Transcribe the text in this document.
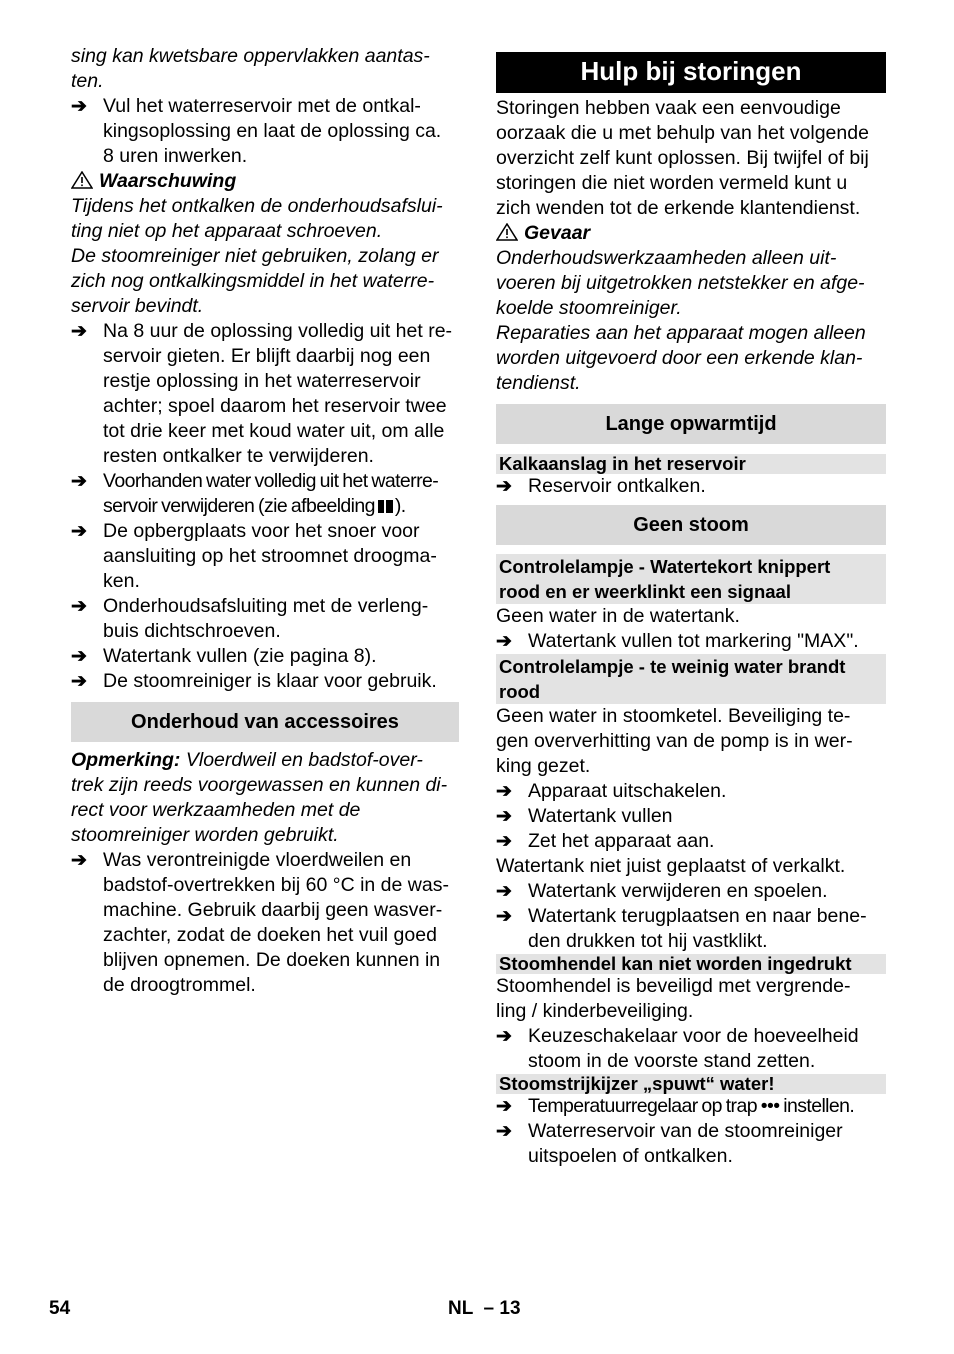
sing kan kwetsbare oppervlakken aantas-

ten.

➔ Vul het waterreservoir met de ontkal-
kingsoplossing en laat de oplossing ca.
8 uren inwerken.
Waarschuwing

Tijdens het ontkalken de onderhoudsafslui-

ting niet op het apparaat schroeven.

De stoomreiniger niet gebruiken, zolang er

zich nog ontkalkingsmiddel in het waterre-

servoir bevindt.

➔ Na 8 uur de oplossing volledig uit het re-
servoir gieten. Er blijft daarbij nog een
restje oplossing in het waterreservoir
achter; spoel daarom het reservoir twee
tot drie keer met koud water uit, om alle
resten ontkalker te verwijderen.
➔ Voorhanden water volledig uit het waterre-
servoir verwijderen (zie afbeelding ).
➔ De opbergplaats voor het snoer voor
aansluiting op het stroomnet droogma-
ken.
➔ Onderhoudsafsluiting met de verleng-
buis dichtschroeven.
➔ Watertank vullen (zie pagina 8).
➔ De stoomreiniger is klaar voor gebruik.
Onderhoud van accessoires

Opmerking: Vloerdweil en badstof-over-

trek zijn reeds voorgewassen en kunnen di-

rect voor werkzaamheden met de

stoomreiniger worden gebruikt.

➔ Was verontreinigde vloerdweilen en
badstof-overtrekken bij 60 °C in de was-
machine. Gebruik daarbij geen wasver-
zachter, zodat de doeken het vuil goed
blijven opnemen. De doeken kunnen in
de droogtrommel.
Hulp bij storingen

Storingen hebben vaak een eenvoudige

oorzaak die u met behulp van het volgende

overzicht zelf kunt oplossen. Bij twijfel of bij

storingen die niet worden vermeld kunt u

zich wenden tot de erkende klantendienst.

Gevaar

Onderhoudswerkzaamheden alleen uit-

voeren bij uitgetrokken netstekker en afge-

koelde stoomreiniger.

Reparaties aan het apparaat mogen alleen

worden uitgevoerd door een erkende klan-

tendienst.

Lange opwarmtijd
Kalkaanslag in het reservoir
➔ Reservoir ontkalken.
Geen stoom
Controlelampje - Watertekort knippert
rood en er weerklinkt een signaal

Geen water in de watertank.

➔ Watertank vullen tot markering "MAX".
Controlelampje - te weinig water brandt
rood

Geen water in stoomketel. Beveiliging te-

gen oververhitting van de pomp is in wer-

king gezet.

➔ Apparaat uitschakelen.
➔ Watertank vullen
➔ Zet het apparaat aan.

Watertank niet juist geplaatst of verkalkt.

➔ Watertank verwijderen en spoelen.
➔ Watertank terugplaatsen en naar bene-
den drukken tot hij vastklikt.
Stoomhendel kan niet worden ingedrukt

Stoomhendel is beveiligd met vergrende-

ling / kinderbeveiliging.

➔ Keuzeschakelaar voor de hoeveelheid
stoom in de voorste stand zetten.
Stoomstrijkijzer „spuwt“ water!
➔ Temperatuurregelaar op trap ••• instellen.
➔ Waterreservoir van de stoomreiniger
uitspoelen of ontkalken.
54	NL  – 13
